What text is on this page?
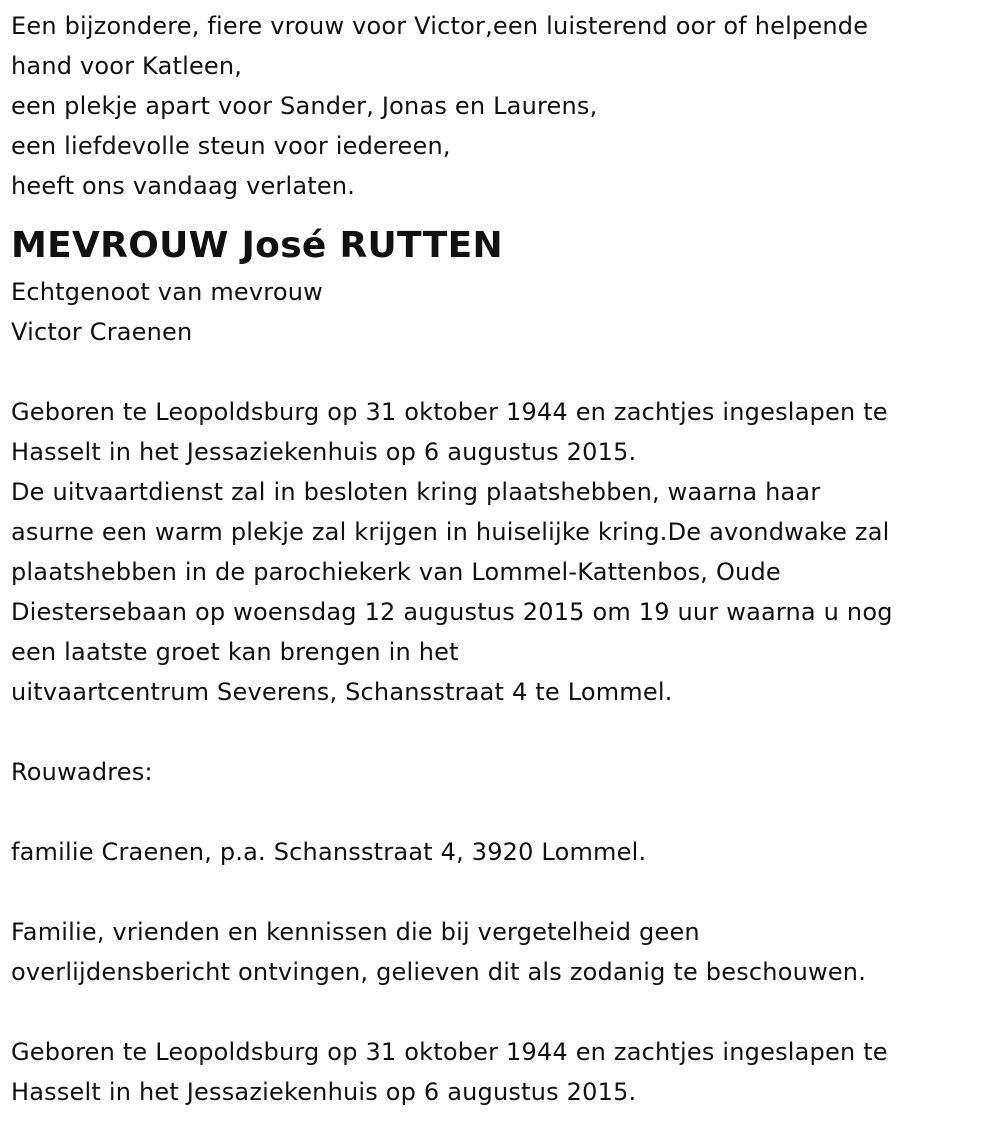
Een bijzondere, fiere vrouw voor Victor,een luisterend oor of helpende
hand voor Katleen,
een plekje apart voor Sander, Jonas en Laurens,
een liefdevolle steun voor iedereen,
heeft ons vandaag verlaten.
MEVROUW José RUTTEN
Echtgenoot van mevrouw
Victor Craenen
Geboren te Leopoldsburg op 31 oktober 1944 en zachtjes ingeslapen te
Hasselt in het Jessaziekenhuis op 6 augustus 2015.
De uitvaartdienst zal in besloten kring plaatshebben, waarna haar
asurne een warm plekje zal krijgen in huiselijke kring.De avondwake zal
plaatshebben in de parochiekerk van Lommel-Kattenbos, Oude
Diestersebaan op woensdag 12 augustus 2015 om 19 uur waarna u nog
een laatste groet kan brengen in het
uitvaartcentrum Severens, Schansstraat 4 te Lommel.
Rouwadres:
familie Craenen, p.a. Schansstraat 4, 3920 Lommel.
Familie, vrienden en kennissen die bij vergetelheid geen
overlijdensbericht ontvingen, gelieven dit als zodanig te beschouwen.
Geboren te Leopoldsburg op 31 oktober 1944 en zachtjes ingeslapen te
Hasselt in het Jessaziekenhuis op 6 augustus 2015.
